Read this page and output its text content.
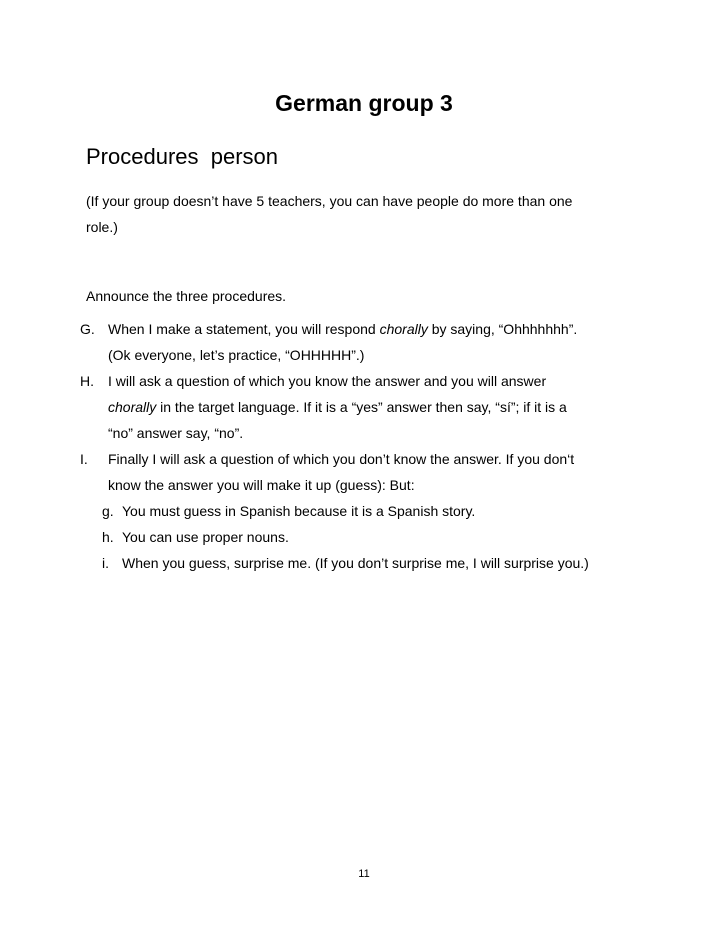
German group 3
Procedures  person
(If your group doesn’t have 5 teachers, you can have people do more than one
role.)
Announce the three procedures.
G. When I make a statement, you will respond chorally by saying, “Ohhhhhhh”.
(Ok everyone, let’s practice, “OHHHHH”.)
H. I will ask a question of which you know the answer and you will answer
chorally in the target language. If it is a “yes” answer then say, “sí”; if it is a
“no” answer say, “no”.
I. Finally I will ask a question of which you don’t know the answer. If you don‘t
know the answer you will make it up (guess): But:
g. You must guess in Spanish because it is a Spanish story.
h. You can use proper nouns.
i. When you guess, surprise me. (If you don’t surprise me, I will surprise you.)
11
